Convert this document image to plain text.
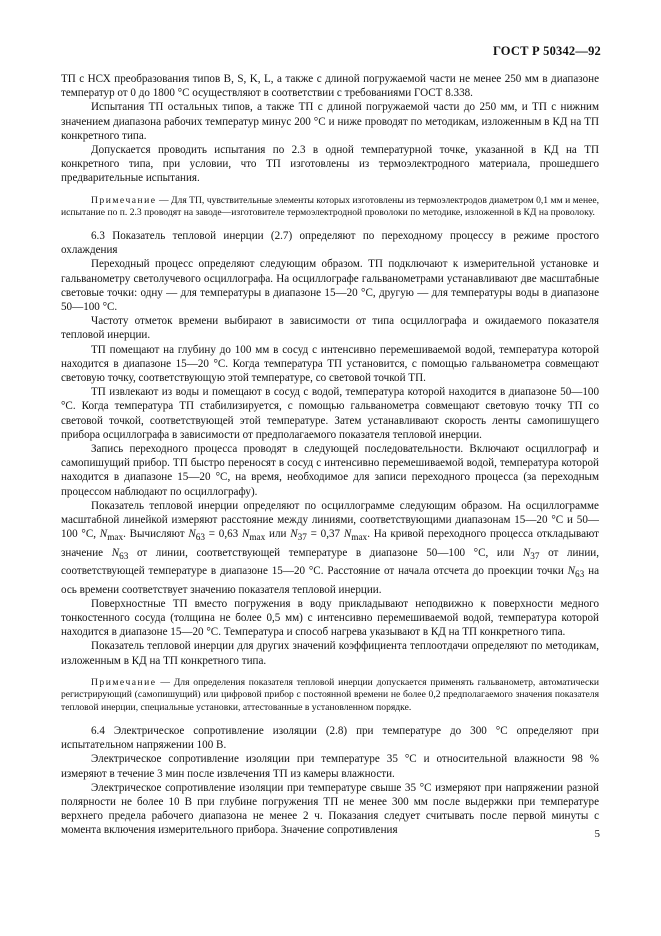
ГОСТ Р 50342—92

ТП с НСХ преобразования типов B, S, K, L, а также с длиной погружаемой части не менее 250 мм в диапазоне температур от 0 до 1800 °С осуществляют в соответствии с требованиями ГОСТ 8.338.

Испытания ТП остальных типов, а также ТП с длиной погружаемой части до 250 мм, и ТП с нижним значением диапазона рабочих температур минус 200 °С и ниже проводят по методикам, изложенным в КД на ТП конкретного типа.

Допускается проводить испытания по 2.3 в одной температурной точке, указанной в КД на ТП конкретного типа, при условии, что ТП изготовлены из термоэлектродного материала, прошедшего предварительные испытания.

Примечание — Для ТП, чувствительные элементы которых изготовлены из термоэлектродов диаметром 0,1 мм и менее, испытание по п. 2.3 проводят на заводе—изготовителе термоэлектродной проволоки по методике, изложенной в КД на проволоку.

6.3 Показатель тепловой инерции (2.7) определяют по переходному процессу в режиме простого охлаждения

Переходный процесс определяют следующим образом. ТП подключают к измерительной установке и гальванометру светолучевого осциллографа. На осциллографе гальванометрами устанавливают две масштабные световые точки: одну — для температуры в диапазоне 15—20 °С, другую — для температуры воды в диапазоне 50—100 °С.

Частоту отметок времени выбирают в зависимости от типа осциллографа и ожидаемого показателя тепловой инерции.

ТП помещают на глубину до 100 мм в сосуд с интенсивно перемешиваемой водой, температура которой находится в диапазоне 15—20 °С. Когда температура ТП установится, с помощью гальванометра совмещают световую точку, соответствующую этой температуре, со световой точкой ТП.

ТП извлекают из воды и помещают в сосуд с водой, температура которой находится в диапазоне 50—100 °С. Когда температура ТП стабилизируется, с помощью гальванометра совмещают световую точку ТП со световой точкой, соответствующей этой температуре. Затем устанавливают скорость ленты самопишущего прибора осциллографа в зависимости от предполагаемого показателя тепловой инерции.

Запись переходного процесса проводят в следующей последовательности. Включают осциллограф и самопишущий прибор. ТП быстро переносят в сосуд с интенсивно перемешиваемой водой, температура которой находится в диапазоне 15—20 °С, на время, необходимое для записи переходного процесса (за переходным процессом наблюдают по осциллографу).

Показатель тепловой инерции определяют по осциллограмме следующим образом. На осциллограмме масштабной линейкой измеряют расстояние между линиями, соответствующими диапазонам 15—20 °С и 50—100 °С, $N_{max}$. Вычисляют $N_{63} = 0,63$ $N_{max}$ или $N_{37} = 0,37$ $N_{max}$. На кривой переходного процесса откладывают значение $N_{63}$ от линии, соответствующей температуре в диапазоне 50—100 °С, или $N_{37}$ от линии, соответствующей температуре в диапазоне 15—20 °С. Расстояние от начала отсчета до проекции точки $N_{63}$ на ось времени соответствует значению показателя тепловой инерции.

Поверхностные ТП вместо погружения в воду прикладывают неподвижно к поверхности медного тонкостенного сосуда (толщина не более 0,5 мм) с интенсивно перемешиваемой водой, температура которой находится в диапазоне 15—20 °С. Температура и способ нагрева указывают в КД на ТП конкретного типа.

Показатель тепловой инерции для других значений коэффициента теплоотдачи определяют по методикам, изложенным в КД на ТП конкретного типа.

Примечание — Для определения показателя тепловой инерции допускается применять гальванометр, автоматически регистрирующий (самопишущий) или цифровой прибор с постоянной времени не более 0,2 предполагаемого значения показателя тепловой инерции, специальные установки, аттестованные в установленном порядке.

6.4 Электрическое сопротивление изоляции (2.8) при температуре до 300 °С определяют при испытательном напряжении 100 В.

Электрическое сопротивление изоляции при температуре 35 °С и относительной влажности 98 % измеряют в течение 3 мин после извлечения ТП из камеры влажности.

Электрическое сопротивление изоляции при температуре свыше 35 °С измеряют при напряжении разной полярности не более 10 В при глубине погружения ТП не менее 300 мм после выдержки при температуре верхнего предела рабочего диапазона не менее 2 ч. Показания следует считывать после первой минуты с момента включения измерительного прибора. Значение сопротивления	5
